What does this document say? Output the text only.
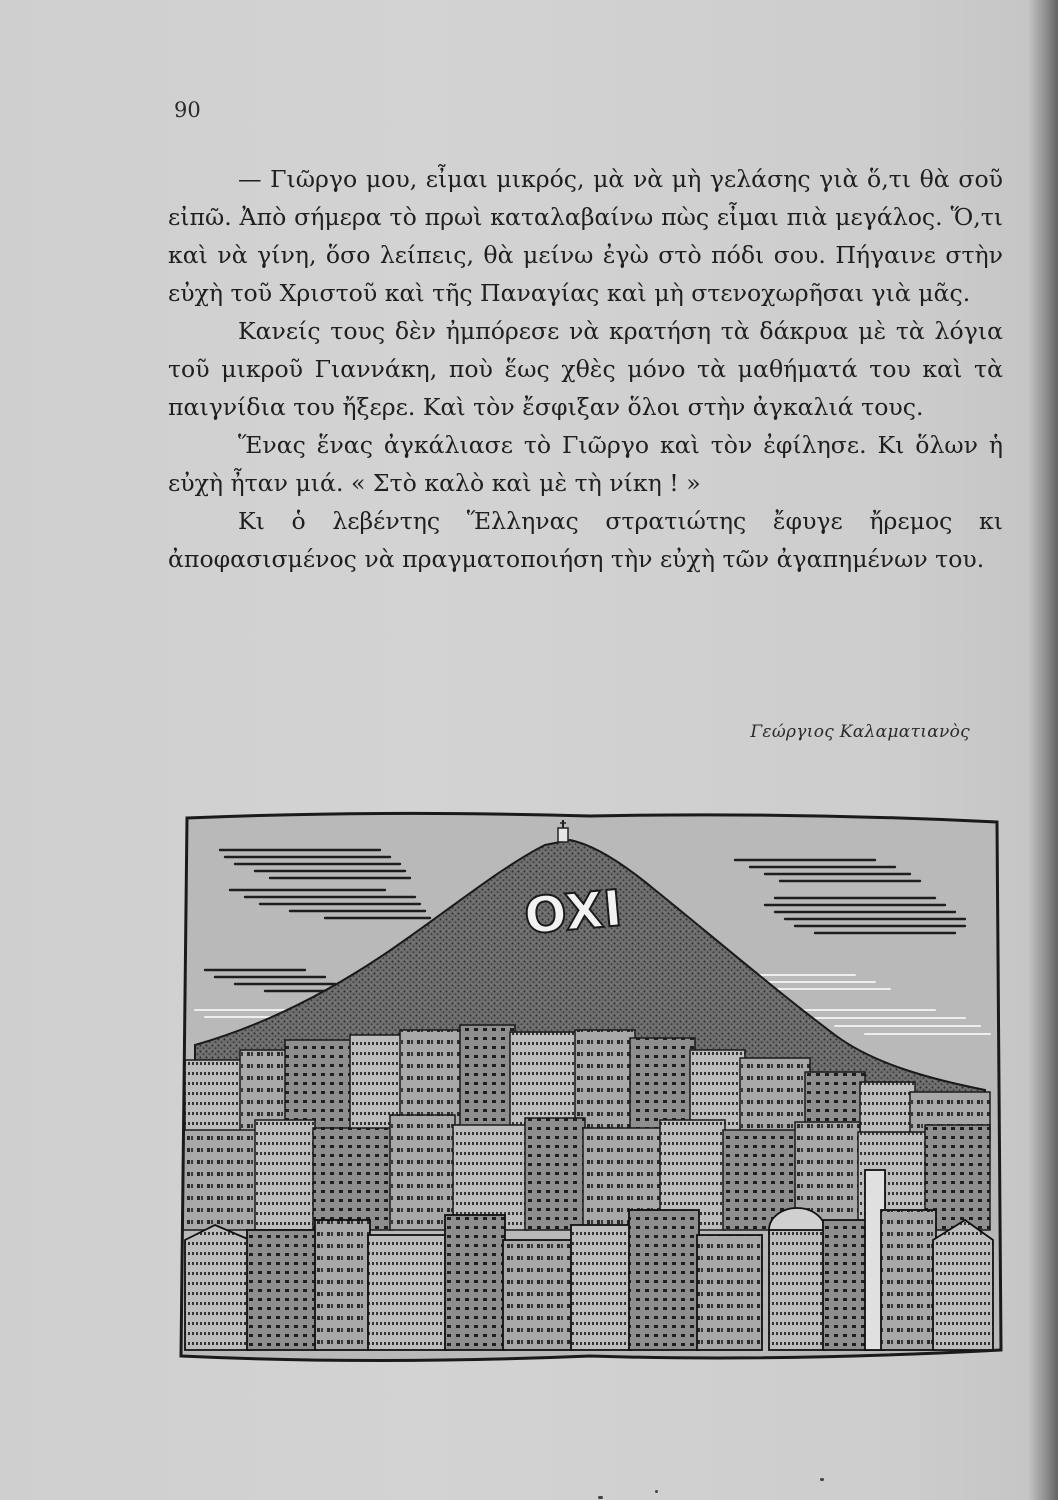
90

— Γιῶργο μου, εἶμαι μικρός, μὰ νὰ μὴ γελάσης γιὰ ὅ,τι θὰ σοῦ εἰπῶ. Ἀπὸ σήμερα τὸ πρωὶ καταλαβαίνω πὼς εἶμαι πιὰ μεγάλος. Ὅ,τι καὶ νὰ γίνη, ὅσο λείπεις, θὰ μείνω ἐγὼ στὸ πόδι σου. Πήγαινε στὴν εὐχὴ τοῦ Χριστοῦ καὶ τῆς Παναγίας καὶ μὴ στενοχωρῆσαι γιὰ μᾶς.

Κανείς τους δὲν ἠμπόρεσε νὰ κρατήση τὰ δάκρυα μὲ τὰ λόγια τοῦ μικροῦ Γιαννάκη, ποὺ ἕως χθὲς μόνο τὰ μαθήματά του καὶ τὰ παιγνίδια του ἤξερε. Καὶ τὸν ἔσφιξαν ὅλοι στὴν ἀγκαλιά τους.

Ἕνας ἕνας ἀγκάλιασε τὸ Γιῶργο καὶ τὸν ἐφίλησε. Κι ὅλων ἡ εὐχὴ ἦταν μιά. « Στὸ καλὸ καὶ μὲ τὴ νίκη ! »

Κι ὁ λεβέντης Ἕλληνας στρατιώτης ἔφυγε ἤρεμος κι ἀποφασισμένος νὰ πραγματοποιήση τὴν εὐχὴ τῶν ἀγαπημένων του.

Γεώργιος Καλαματιανὸς
OXI
